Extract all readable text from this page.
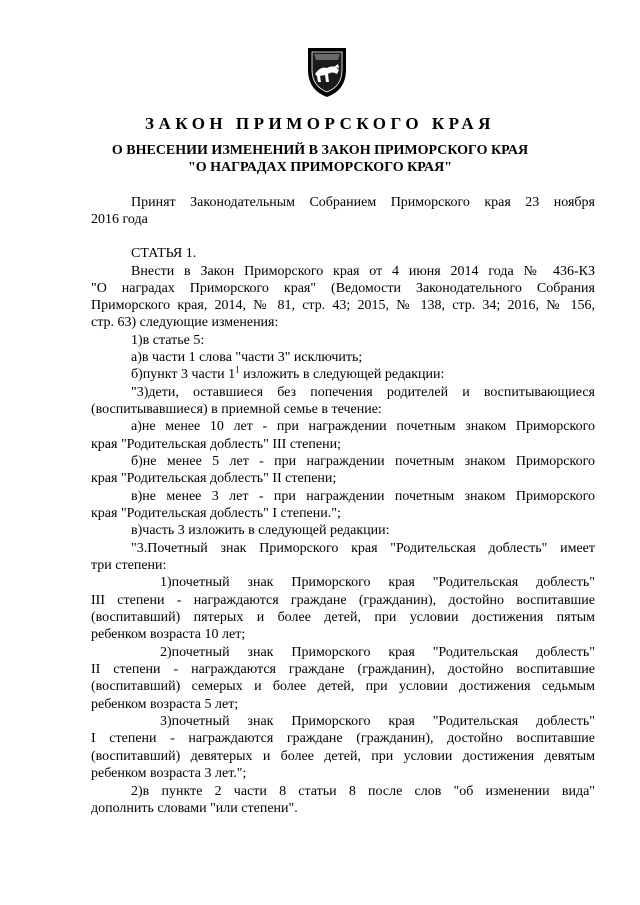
ЗАКОН ПРИМОРСКОГО КРАЯ
О ВНЕСЕНИИ ИЗМЕНЕНИЙ В ЗАКОН ПРИМОРСКОГО КРАЯ
"О НАГРАДАХ ПРИМОРСКОГО КРАЯ"
Принят Законодательным Собранием Приморского края 23 ноября
2016 года
СТАТЬЯ 1.
Внести в Закон Приморского края от 4 июня 2014 года № 436-КЗ
"О наградах Приморского края" (Ведомости Законодательного Собрания
Приморского края, 2014, № 81, стр. 43; 2015, № 138, стр. 34; 2016, № 156,
стр. 63) следующие изменения:
1)в статье 5:
а)в части 1 слова "части 3" исключить;
б)пункт 3 части $1^1$ изложить в следующей редакции:
"3)дети, оставшиеся без попечения родителей и воспитывающиеся
(воспитывавшиеся) в приемной семье в течение:
а)не менее 10 лет - при награждении почетным знаком Приморского
края "Родительская доблесть" III степени;
б)не менее 5 лет - при награждении почетным знаком Приморского
края "Родительская доблесть" II степени;
в)не менее 3 лет - при награждении почетным знаком Приморского
края "Родительская доблесть" I степени.";
в)часть 3 изложить в следующей редакции:
"3.Почетный знак Приморского края "Родительская доблесть" имеет
три степени:
1)почетный знак Приморского края "Родительская доблесть"
III степени - награждаются граждане (гражданин), достойно воспитавшие
(воспитавший) пятерых и более детей, при условии достижения пятым
ребенком возраста 10 лет;
2)почетный знак Приморского края "Родительская доблесть"
II степени - награждаются граждане (гражданин), достойно воспитавшие
(воспитавший) семерых и более детей, при условии достижения седьмым
ребенком возраста 5 лет;
3)почетный знак Приморского края "Родительская доблесть"
I степени - награждаются граждане (гражданин), достойно воспитавшие
(воспитавший) девятерых и более детей, при условии достижения девятым
ребенком возраста 3 лет.";
2)в пункте 2 части 8 статьи 8 после слов "об изменении вида"
дополнить словами "или степени".
